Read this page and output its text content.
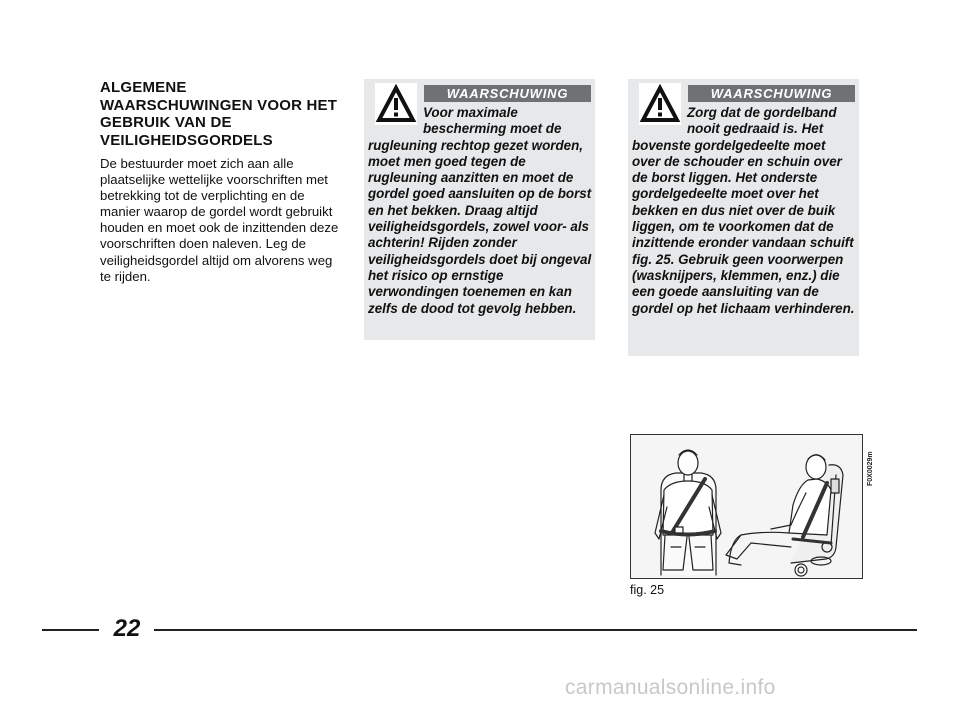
ALGEMENE WAARSCHUWINGEN VOOR HET GEBRUIK VAN DE VEILIGHEIDSGORDELS
De bestuurder moet zich aan alle plaatselijke wettelijke voorschriften met betrekking tot de verplichting en de manier waarop de gordel wordt gebruikt houden en moet ook de inzittenden deze voorschriften doen naleven. Leg de veiligheidsgordel altijd om alvorens weg te rijden.
WAARSCHUWING
Voor maximale bescherming moet de rugleuning rechtop gezet worden, moet men goed tegen de rugleuning aanzitten en moet de gordel goed aansluiten op de borst en het bekken. Draag altijd veiligheidsgordels, zowel voor- als achterin! Rijden zonder veiligheidsgordels doet bij ongeval het risico op ernstige verwondingen toenemen en kan zelfs de dood tot gevolg hebben.
WAARSCHUWING
Zorg dat de gordelband nooit gedraaid is. Het bovenste gordelgedeelte moet over de schouder en schuin over de borst liggen. Het onderste gordelgedeelte moet over het bekken en dus niet over de buik liggen, om te voorkomen dat de inzittende eronder vandaan schuift fig. 25. Gebruik geen voorwerpen (wasknijpers, klemmen, enz.) die een goede aansluiting van de gordel op het lichaam verhinderen.
F0X0029m
fig. 25
22
carmanualsonline.info
